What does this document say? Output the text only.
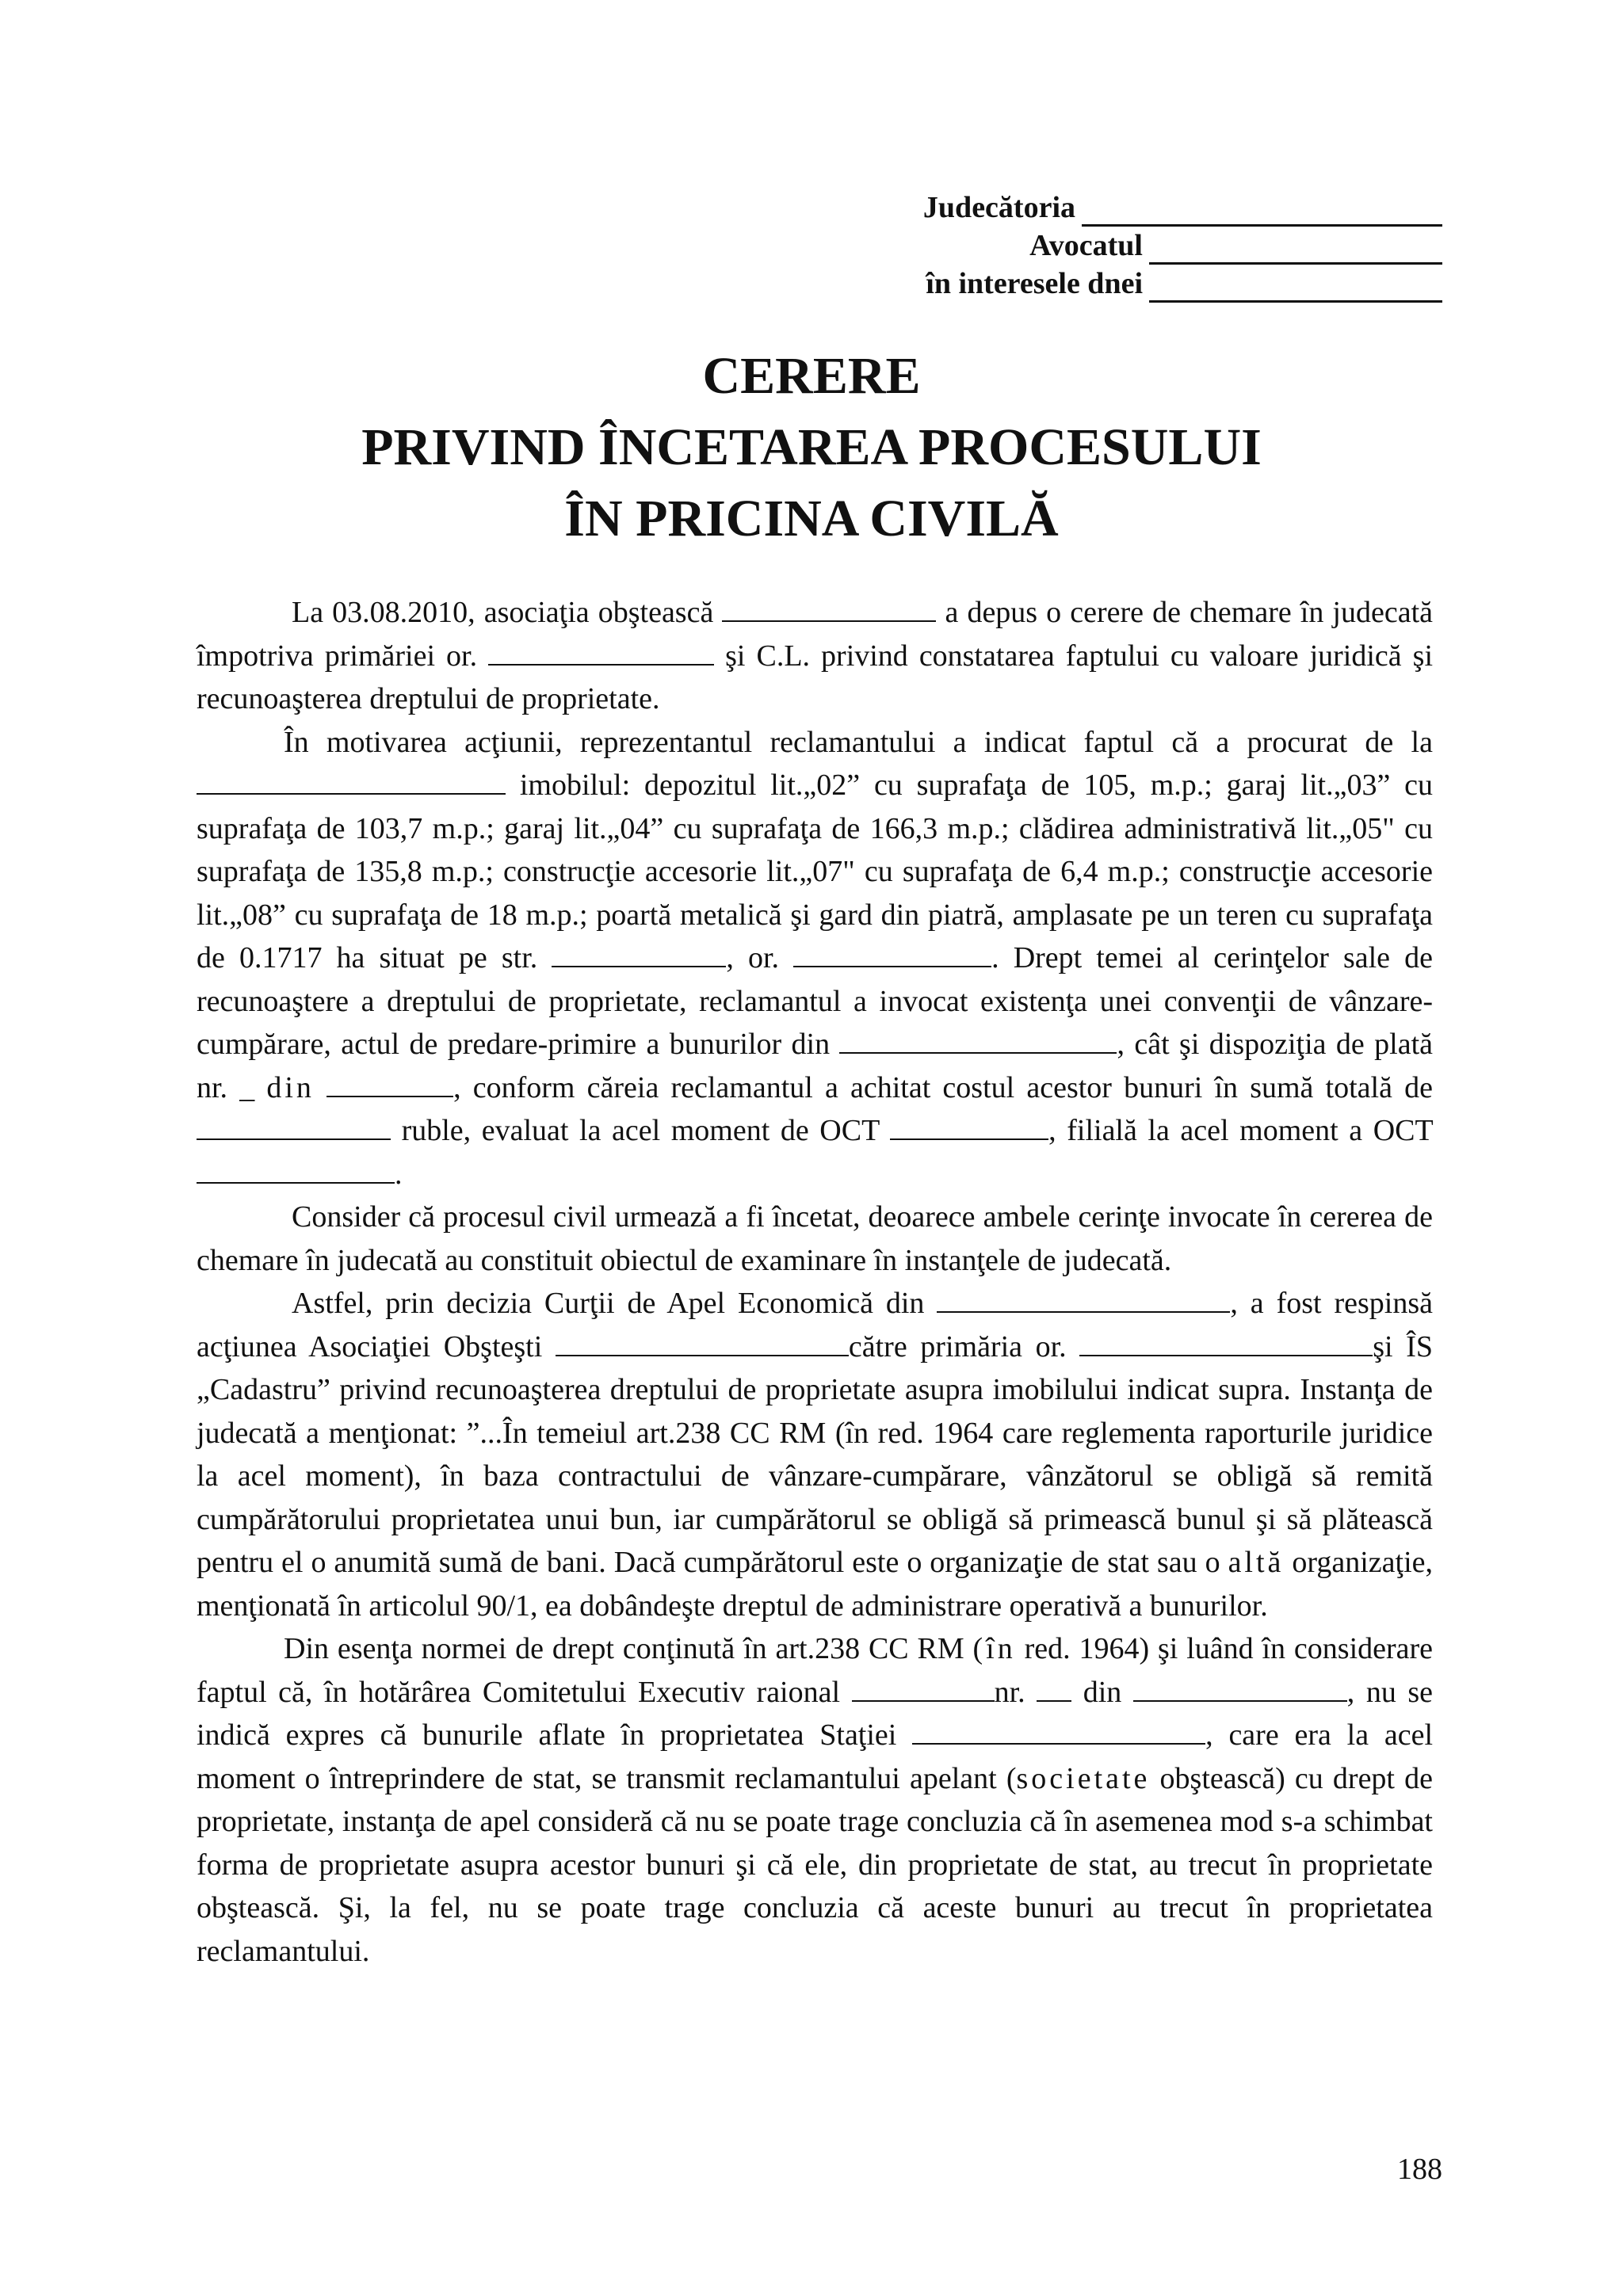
Judecătoria
Avocatul
în interesele dnei
CERERE
PRIVIND ÎNCETAREA PROCESULUI
ÎN PRICINA CIVILĂ

La 03.08.2010, asociaţia obştească	a depus o cerere de chemare în judecată împotriva primăriei or.	şi C.L. privind constatarea faptului cu valoare juridică şi recunoaşterea dreptului de proprietate.

În motivarea acţiunii, reprezentantul reclamantului a indicat faptul că a procurat de la  imobilul: depozitul lit.„02” cu suprafaţa de 105, m.p.; garaj lit.„03” cu suprafaţa de 103,7 m.p.; garaj lit.„04” cu suprafaţa de 166,3 m.p.; clădirea administrativă lit.„05" cu suprafaţa de 135,8 m.p.; construcţie accesorie lit.„07" cu suprafaţa de 6,4 m.p.; construcţie accesorie lit.„08” cu suprafaţa de 18 m.p.; poartă metalică şi gard din piatră, amplasate pe un teren cu suprafaţa de 0.1717 ha situat pe str.	, or.	. Drept temei al cerinţelor sale de recunoaştere a dreptului de proprietate, reclamantul a invocat existenţa unei convenţii de vânzare-cumpărare, actul de predare-primire a bunurilor din	, cât şi dispoziţia de plată nr. _ din	, conform căreia reclamantul a achitat costul acestor bunuri în sumă totală de  ruble, evaluat la acel moment de OCT	, filială la acel moment a OCT .

Consider că procesul civil urmează a fi încetat, deoarece ambele cerinţe invocate în cererea de chemare în judecată au constituit obiectul de examinare în instanţele de judecată.

Astfel, prin decizia Curţii de Apel Economică din	, a fost respinsă acţiunea Asociaţiei Obşteşti	către primăria or.	şi ÎS „Cadastru” privind recunoaşterea dreptului de proprietate asupra imobilului indicat supra. Instanţa de judecată a menţionat: ”...În temeiul art.238 CC RM (în red. 1964 care reglementa raporturile juridice la acel moment), în baza contractului de vânzare-cumpărare, vânzătorul se obligă să remită cumpărătorului proprietatea unui bun, iar cumpărătorul se obligă să primească bunul şi să plătească pentru el o anumită sumă de bani. Dacă cumpărătorul este o organizaţie de stat sau o altă organizaţie, menţionată în articolul 90/1, ea dobândeşte dreptul de administrare operativă a bunurilor.

Din esenţa normei de drept conţinută în art.238 CC RM (în red. 1964) şi luând în considerare faptul că, în hotărârea Comitetului Executiv raional	nr. din	, nu se indică expres că bunurile aflate în proprietatea Staţiei	, care era la acel moment o întreprindere de stat, se transmit reclamantului apelant (societate obştească) cu drept de proprietate, instanţa de apel consideră că nu se poate trage concluzia că în asemenea mod s-a schimbat forma de proprietate asupra acestor bunuri şi că ele, din proprietate de stat, au trecut în proprietate obştească. Şi, la fel, nu se poate trage concluzia că aceste bunuri au trecut în proprietatea reclamantului.

188
